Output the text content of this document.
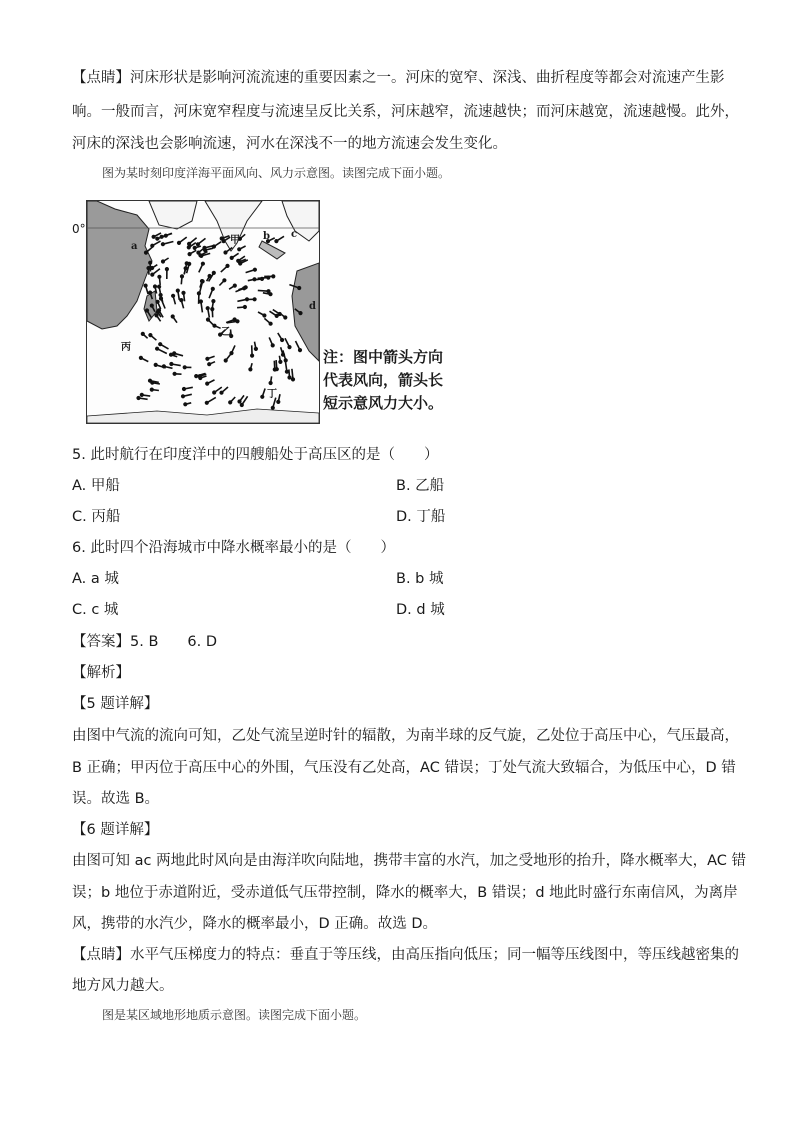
【点睛】河床形状是影响河流流速的重要因素之一。河床的宽窄、深浅、曲折程度等都会对流速产生影
响。一般而言，河床宽窄程度与流速呈反比关系，河床越窄，流速越快；而河床越宽，流速越慢。此外，
河床的深浅也会影响流速，河水在深浅不一的地方流速会发生变化。
图为某时刻印度洋海平面风向、风力示意图。读图完成下面小题。
0°
甲
乙
丙
丁
a
b c
d
注：图中箭头方向代表风向，箭头长短示意风力大小。
5. 此时航行在印度洋中的四艘船处于高压区的是（　　）
A. 甲船	B. 乙船
C. 丙船	D. 丁船
6. 此时四个沿海城市中降水概率最小的是（　　）
A. a 城	B. b 城
C. c 城	D. d 城
【答案】5. B　　6. D
【解析】
【5 题详解】
由图中气流的流向可知，乙处气流呈逆时针的辐散，为南半球的反气旋，乙处位于高压中心，气压最高，
B 正确；甲丙位于高压中心的外围，气压没有乙处高，AC 错误；丁处气流大致辐合，为低压中心，D 错
误。故选 B。
【6 题详解】
由图可知 ac 两地此时风向是由海洋吹向陆地，携带丰富的水汽，加之受地形的抬升，降水概率大，AC 错
误；b 地位于赤道附近，受赤道低气压带控制，降水的概率大，B 错误；d 地此时盛行东南信风，为离岸
风，携带的水汽少，降水的概率最小，D 正确。故选 D。
【点睛】水平气压梯度力的特点：垂直于等压线，由高压指向低压；同一幅等压线图中，等压线越密集的
地方风力越大。
图是某区域地形地质示意图。读图完成下面小题。
